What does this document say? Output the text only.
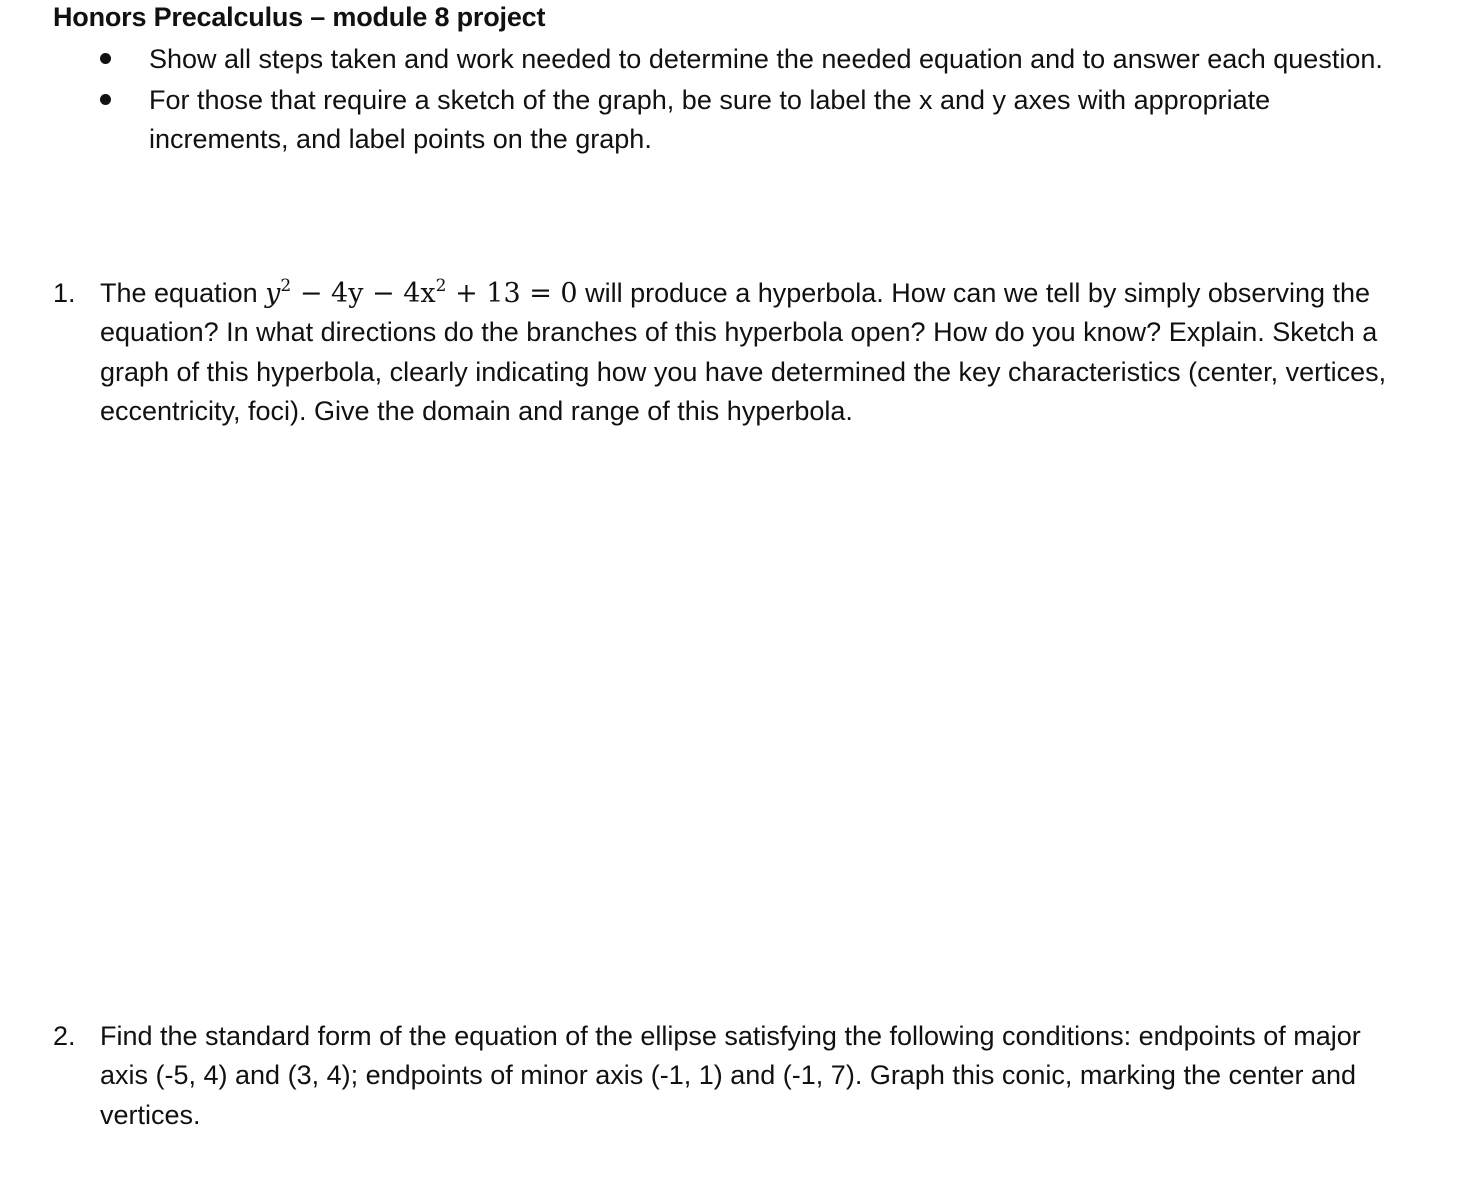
Honors Precalculus – module 8 project
Show all steps taken and work needed to determine the needed equation and to answer each question.
For those that require a sketch of the graph, be sure to label the x and y axes with appropriate increments, and label points on the graph.
1. The equation $y^2 - 4y - 4x^2 + 13 = 0$ will produce a hyperbola. How can we tell by simply observing the equation? In what directions do the branches of this hyperbola open? How do you know? Explain. Sketch a graph of this hyperbola, clearly indicating how you have determined the key characteristics (center, vertices, eccentricity, foci). Give the domain and range of this hyperbola.
2. Find the standard form of the equation of the ellipse satisfying the following conditions: endpoints of major axis (-5, 4) and (3, 4); endpoints of minor axis (-1, 1) and (-1, 7). Graph this conic, marking the center and vertices.
